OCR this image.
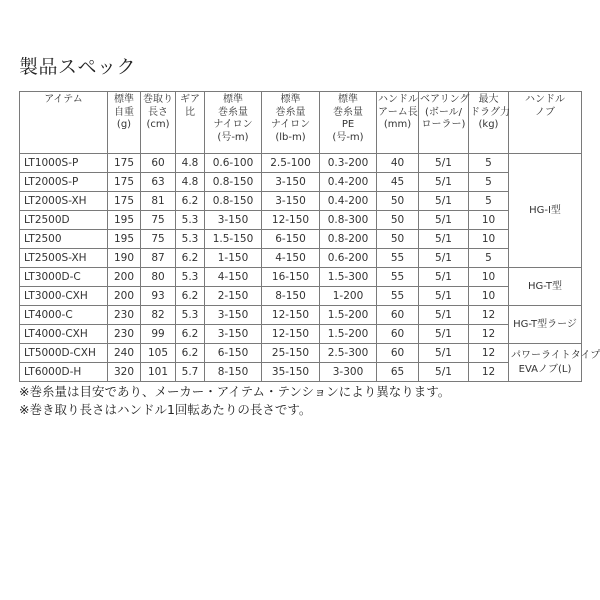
製品スペック
アイテム	標準
自重
(g)	巻取り
長さ
(cm)	ギア
比	標準
巻糸量
ナイロン
(号-m)	標準
巻糸量
ナイロン
(lb-m)	標準
巻糸量
PE
(号-m)	ハンドル
アーム長
(mm)	ベアリング
(ボール/
ローラー)	最大
ドラグ力
(kg)	ハンドル
ノブ

LT1000S-P	175	60	4.8	0.6-100	2.5-100	0.3-200	40	5/1	5	HG-I型

LT2000S-P	175	63	4.8	0.8-150	3-150	0.4-200	45	5/1	5	
LT2000S-XH	175	81	6.2	0.8-150	3-150	0.4-200	50	5/1	5	
LT2500D	195	75	5.3	3-150	12-150	0.8-300	50	5/1	10	
LT2500	195	75	5.3	1.5-150	6-150	0.8-200	50	5/1	10	
LT2500S-XH	190	87	6.2	1-150	4-150	0.6-200	55	5/1	5	
LT3000D-C	200	80	5.3	4-150	16-150	1.5-300	55	5/1	10	HG-T型

LT3000-CXH	200	93	6.2	2-150	8-150	1-200	55	5/1	10	
LT4000-C	230	82	5.3	3-150	12-150	1.5-200	60	5/1	12	HG-T型ラージ

LT4000-CXH	230	99	6.2	3-150	12-150	1.5-200	60	5/1	12	
LT5000D-CXH	240	105	6.2	6-150	25-150	2.5-300	60	5/1	12	パワーライトタイプ
EVAノブ(L)

LT6000D-H	320	101	5.7	8-150	35-150	3-300	65	5/1	12	
※巻糸量は目安であり、メーカー・アイテム・テンションにより異なります。
※巻き取り長さはハンドル1回転あたりの長さです。
